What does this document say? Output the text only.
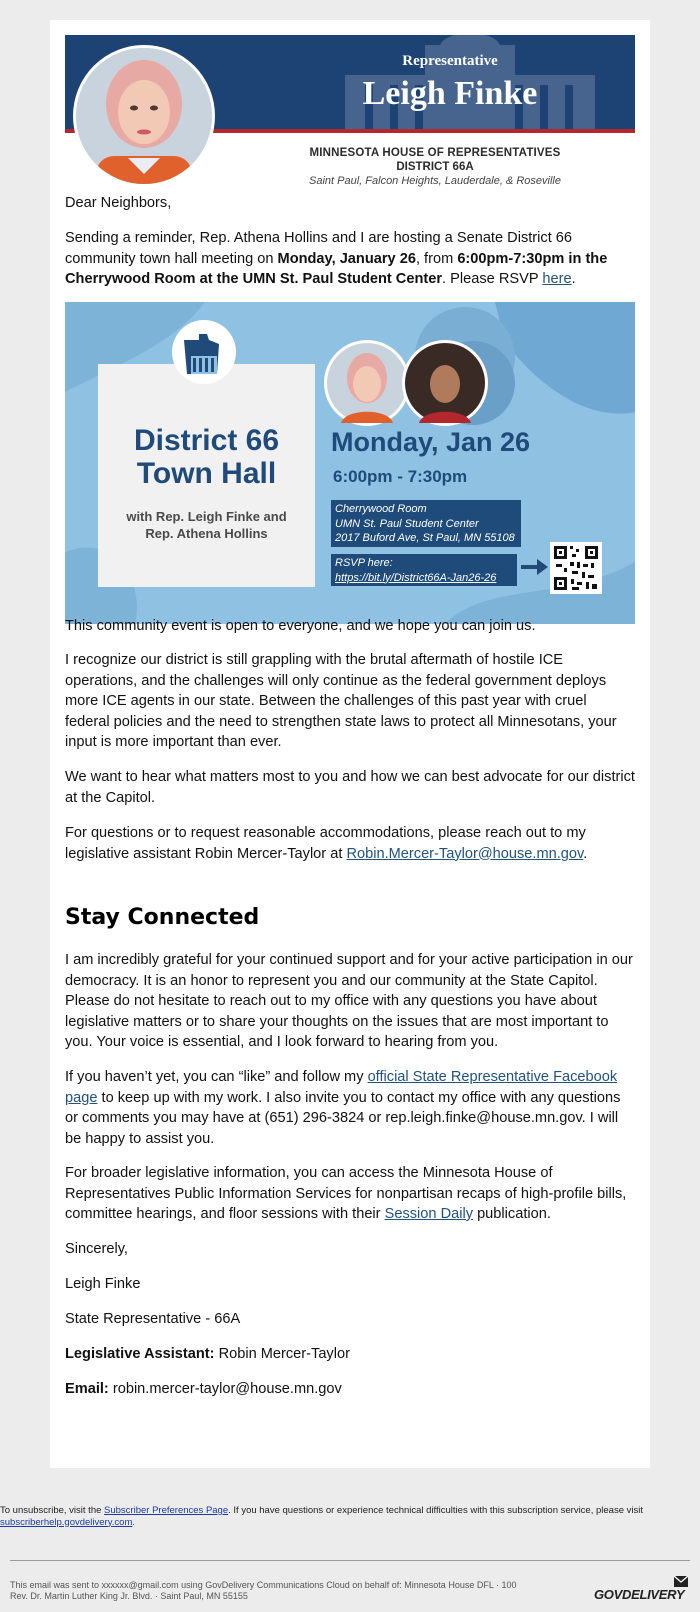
Representative
Leigh Finke
MINNESOTA HOUSE OF REPRESENTATIVES
DISTRICT 66A
Saint Paul, Falcon Heights, Lauderdale, & Roseville

Dear Neighbors,

Sending a reminder, Rep. Athena Hollins and I are hosting a Senate District 66 community town hall meeting on Monday, January 26, from 6:00pm-7:30pm in the Cherrywood Room at the UMN St. Paul Student Center. Please RSVP here.

District 66
Town Hall
with Rep. Leigh Finke and
Rep. Athena Hollins
Monday, Jan 26
6:00pm - 7:30pm
Cherrywood Room
UMN St. Paul Student Center
2017 Buford Ave, St Paul, MN 55108
RSVP here:
https://bit.ly/District66A-Jan26-26

This community event is open to everyone, and we hope you can join us.

I recognize our district is still grappling with the brutal aftermath of hostile ICE operations, and the challenges will only continue as the federal government deploys more ICE agents in our state. Between the challenges of this past year with cruel federal policies and the need to strengthen state laws to protect all Minnesotans, your input is more important than ever.

We want to hear what matters most to you and how we can best advocate for our district at the Capitol.

For questions or to request reasonable accommodations, please reach out to my legislative assistant Robin Mercer-Taylor at Robin.Mercer-Taylor@house.mn.gov.

Stay Connected

I am incredibly grateful for your continued support and for your active participation in our democracy. It is an honor to represent you and our community at the State Capitol. Please do not hesitate to reach out to my office with any questions you have about legislative matters or to share your thoughts on the issues that are most important to you. Your voice is essential, and I look forward to hearing from you.

If you haven’t yet, you can “like” and follow my official State Representative Facebook page to keep up with my work. I also invite you to contact my office with any questions or comments you may have at (651) 296-3824 or rep.leigh.finke@house.mn.gov. I will be happy to assist you.

For broader legislative information, you can access the Minnesota House of Representatives Public Information Services for nonpartisan recaps of high-profile bills, committee hearings, and floor sessions with their Session Daily publication.

Sincerely,

Leigh Finke

State Representative - 66A

Legislative Assistant: Robin Mercer-Taylor

Email: robin.mercer-taylor@house.mn.gov

To unsubscribe, visit the Subscriber Preferences Page. If you have questions or experience technical difficulties with this subscription service, please visit subscriberhelp.govdelivery.com.
This email was sent to xxxxxx@gmail.com using GovDelivery Communications Cloud on behalf of: Minnesota House DFL · 100
Rev. Dr. Martin Luther King Jr. Blvd. · Saint Paul, MN 55155	GOVDELIVERY
